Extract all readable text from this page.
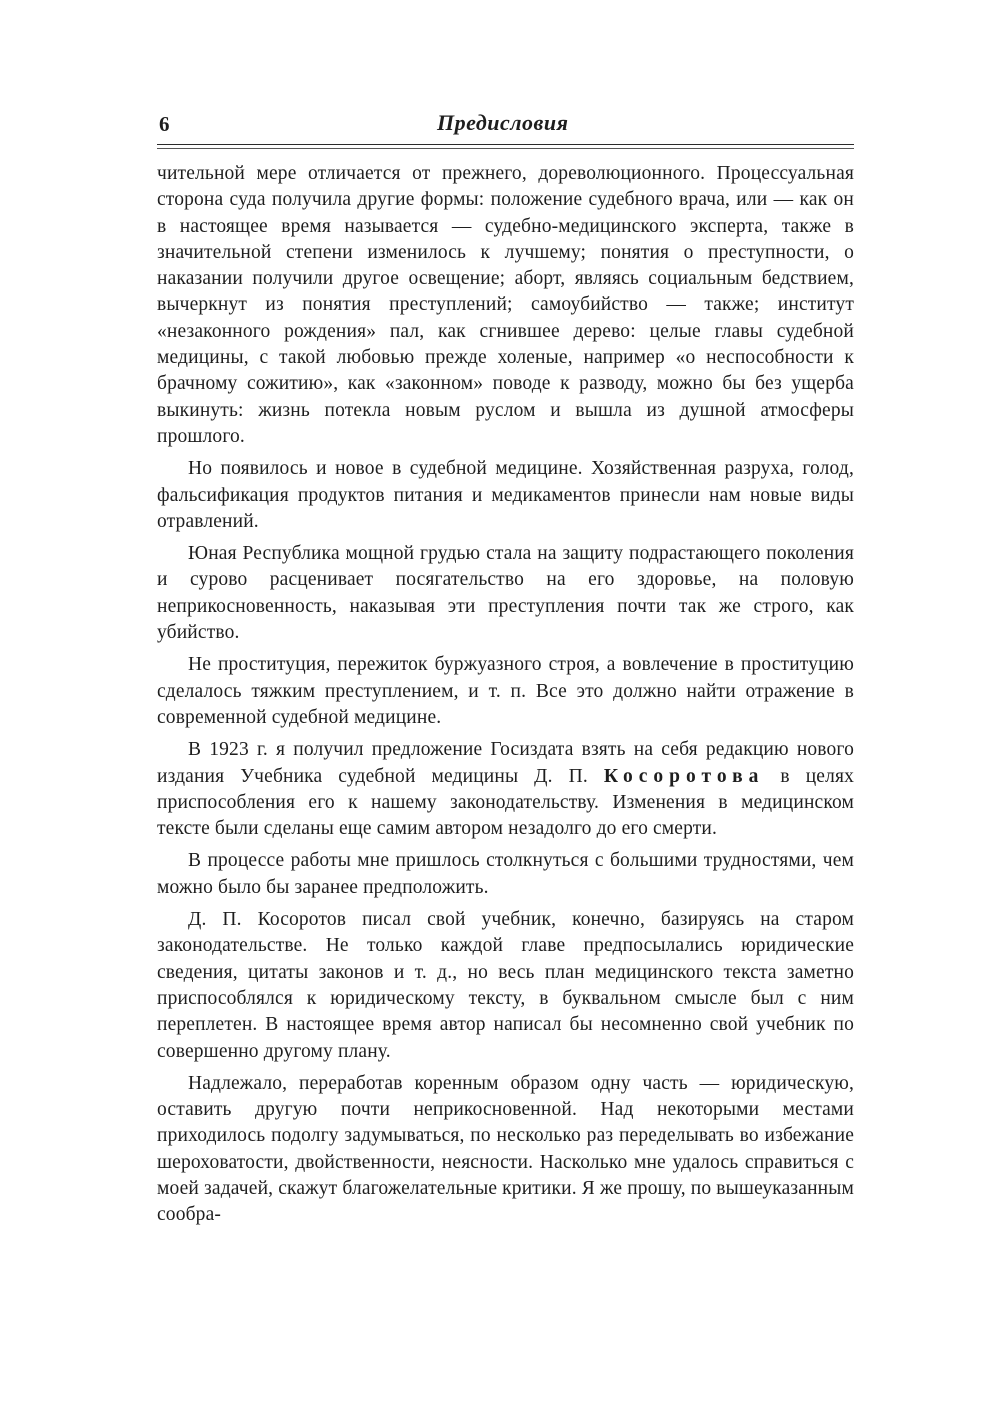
6	Предисловия

чительной мере отличается от прежнего, дореволюционного. Процессуальная сторона суда получила другие формы: положение судебного врача, или — как он в настоящее время называется — судебно-медицинского эксперта, также в значительной степени изменилось к лучшему; понятия о преступности, о наказании получили другое освещение; аборт, являясь социальным бедствием, вычеркнут из понятия преступлений; самоубийство — также; институт «незаконного рождения» пал, как сгнившее дерево: целые главы судебной медицины, с такой любовью прежде холеные, например «о неспособности к брачному сожитию», как «законном» поводе к разводу, можно бы без ущерба выкинуть: жизнь потекла новым руслом и вышла из душной атмосферы прошлого.

Но появилось и новое в судебной медицине. Хозяйственная разруха, голод, фальсификация продуктов питания и медикаментов принесли нам новые виды отравлений.

Юная Республика мощной грудью стала на защиту подрастающего поколения и сурово расценивает посягательство на его здоровье, на половую неприкосновенность, наказывая эти преступления почти так же строго, как убийство.

Не проституция, пережиток буржуазного строя, а вовлечение в проституцию сделалось тяжким преступлением, и т. п. Все это должно найти отражение в современной судебной медицине.

В 1923 г. я получил предложение Госиздата взять на себя редакцию нового издания Учебника судебной медицины Д. П. Косоротова в целях приспособления его к нашему законодательству. Изменения в медицинском тексте были сделаны еще самим автором незадолго до его смерти.

В процессе работы мне пришлось столкнуться с большими трудностями, чем можно было бы заранее предположить.

Д. П. Косоротов писал свой учебник, конечно, базируясь на старом законодательстве. Не только каждой главе предпосылались юридические сведения, цитаты законов и т. д., но весь план медицинского текста заметно приспособлялся к юридическому тексту, в буквальном смысле был с ним переплетен. В настоящее время автор написал бы несомненно свой учебник по совершенно другому плану.

Надлежало, переработав коренным образом одну часть — юридическую, оставить другую почти неприкосновенной. Над некоторыми местами приходилось подолгу задумываться, по несколько раз переделывать во избежание шероховатости, двойственности, неясности. Насколько мне удалось справиться с моей задачей, скажут благожелательные критики. Я же прошу, по вышеуказанным сообра-
